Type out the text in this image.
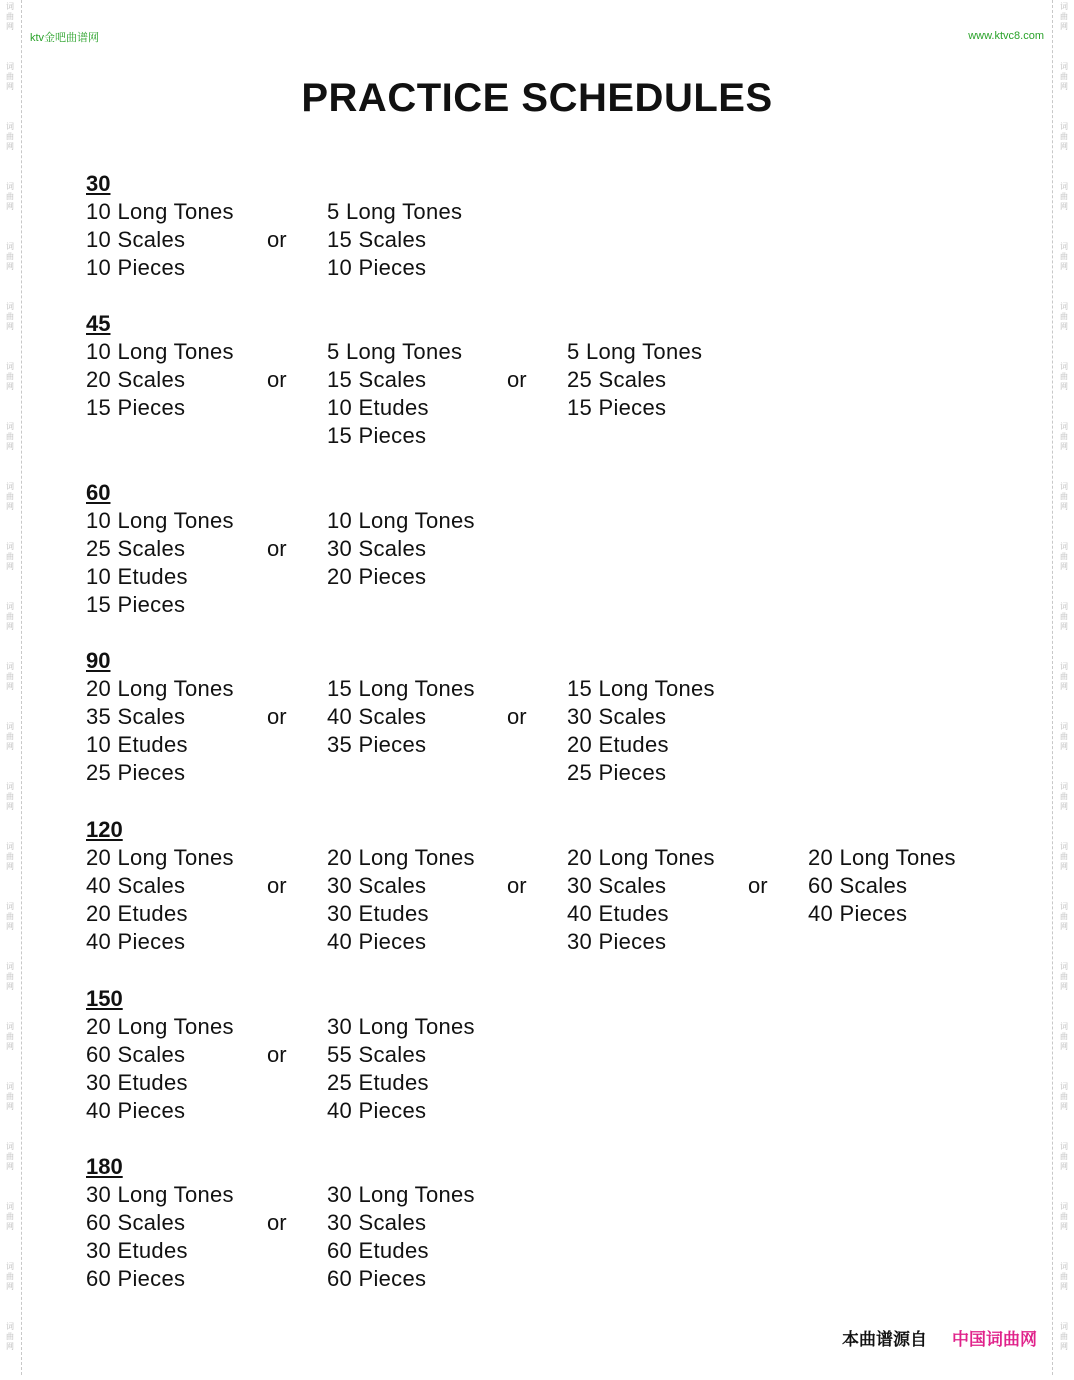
词
曲
网
词
曲
网
词
曲
网
词
曲
网
词
曲
网
词
曲
网
词
曲
网
词
曲
网
词
曲
网
词
曲
网
词
曲
网
词
曲
网
词
曲
网
词
曲
网
词
曲
网
词
曲
网
词
曲
网
词
曲
网
词
曲
网
词
曲
网
词
曲
网
词
曲
网
词
曲
网
词
曲
网
词
曲
网
词
曲
网
词
曲
网
词
曲
网
词
曲
网
词
曲
网
词
曲
网
词
曲
网
词
曲
网
词
曲
网
词
曲
网
词
曲
网
词
曲
网
词
曲
网
词
曲
网
词
曲
网
词
曲
网
词
曲
网
词
曲
网
词
曲
网
词
曲
网
词
曲
网
ktv金吧曲谱网	www.ktvc8.com
PRACTICE SCHEDULES
30
10 Long Tones
10 Scales
10 Pieces
or
5 Long Tones
15 Scales
10 Pieces
45
10 Long Tones
20 Scales
15 Pieces
or
5 Long Tones
15 Scales
10 Etudes
15 Pieces
or
5 Long Tones
25 Scales
15 Pieces
60
10 Long Tones
25 Scales
10 Etudes
15 Pieces
or
10 Long Tones
30 Scales
20 Pieces
90
20 Long Tones
35 Scales
10 Etudes
25 Pieces
or
15 Long Tones
40 Scales
35 Pieces
or
15 Long Tones
30 Scales
20 Etudes
25 Pieces
120
20 Long Tones
40 Scales
20 Etudes
40 Pieces
or
20 Long Tones
30 Scales
30 Etudes
40 Pieces
or
20 Long Tones
30 Scales
40 Etudes
30 Pieces
or
20 Long Tones
60 Scales
40 Pieces
150
20 Long Tones
60 Scales
30 Etudes
40 Pieces
or
30 Long Tones
55 Scales
25 Etudes
40 Pieces
180
30 Long Tones
60 Scales
30 Etudes
60 Pieces
or
30 Long Tones
30 Scales
60 Etudes
60 Pieces
本曲谱源自 中国词曲网
